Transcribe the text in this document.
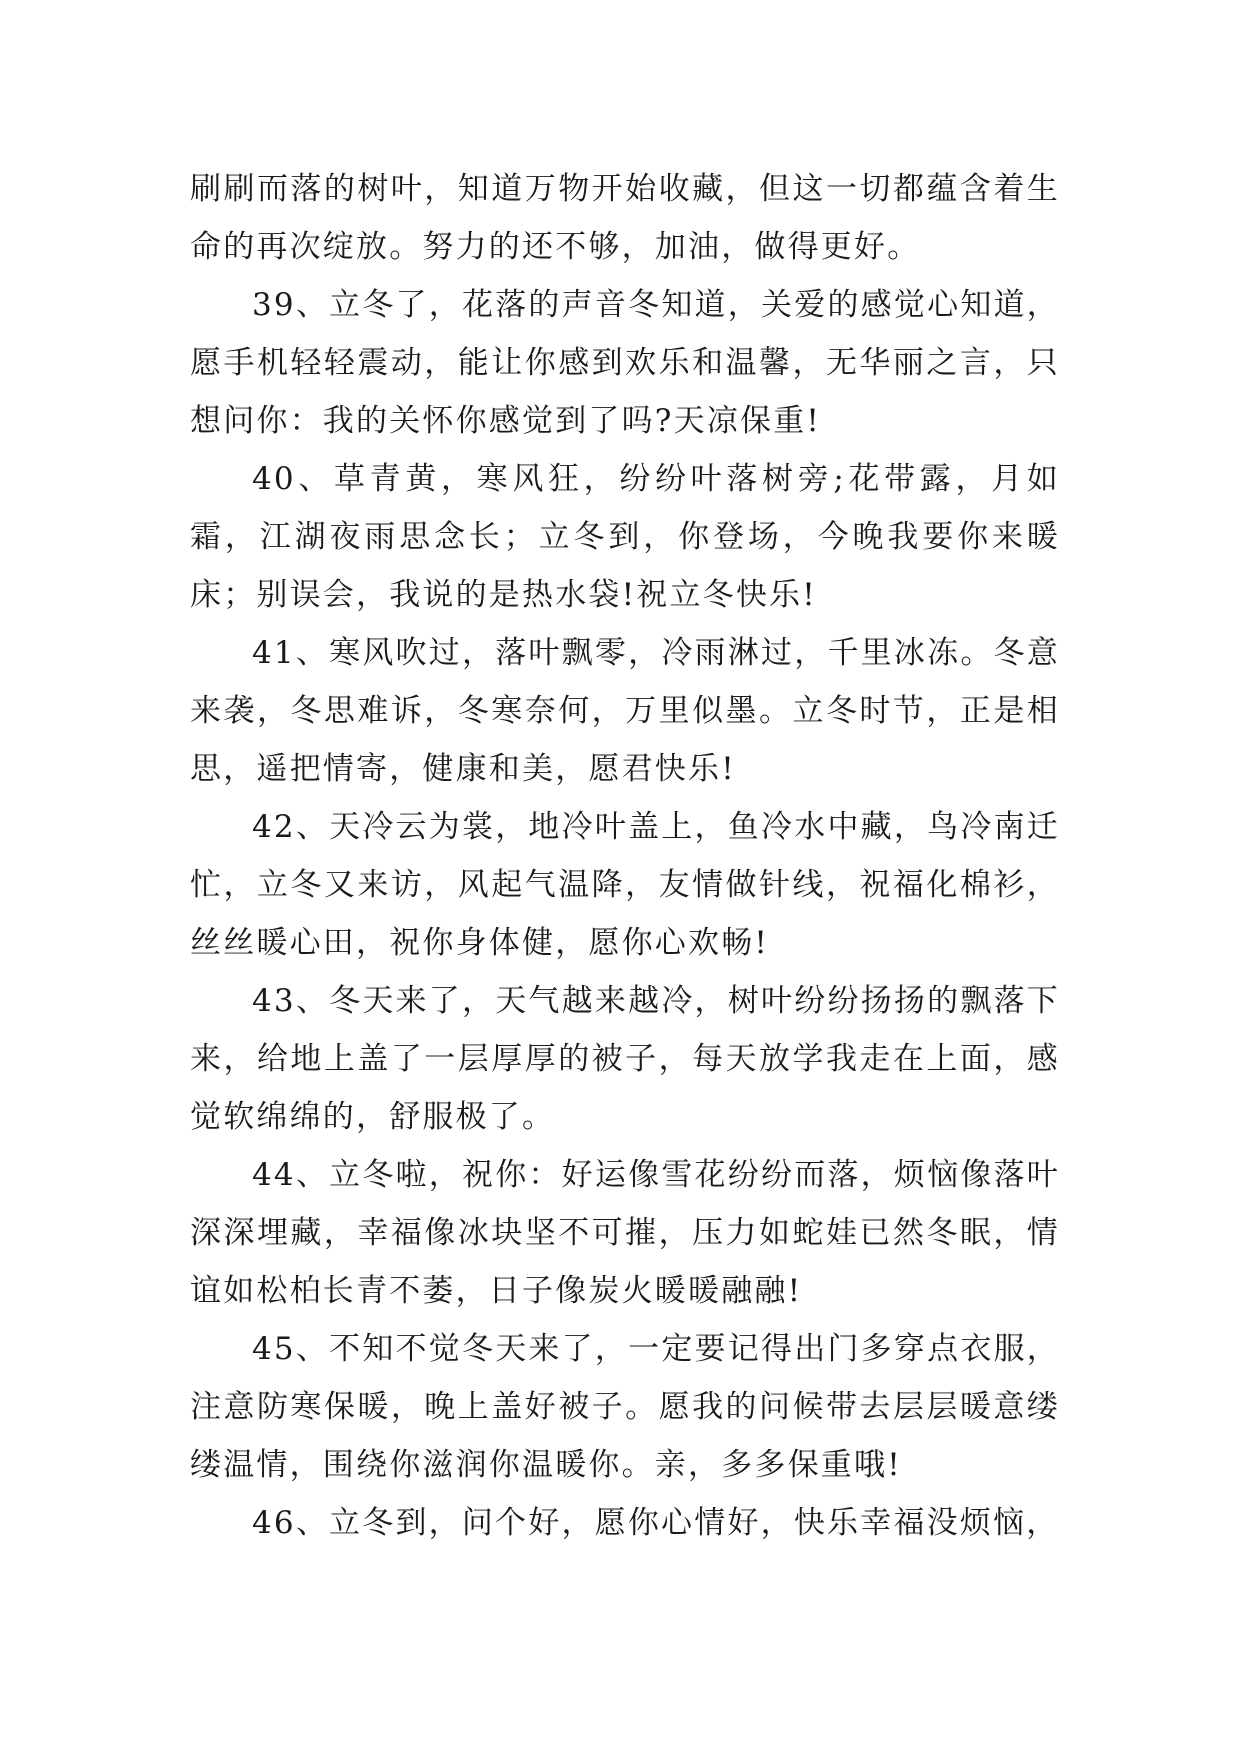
刷刷而落的树叶，知道万物开始收藏，但这一切都蕴含着生命的再次绽放。努力的还不够，加油，做得更好。

39、立冬了，花落的声音冬知道，关爱的感觉心知道，愿手机轻轻震动，能让你感到欢乐和温馨，无华丽之言，只想问你：我的关怀你感觉到了吗?天凉保重!

40、草青黄，寒风狂，纷纷叶落树旁;花带露，月如霜，江湖夜雨思念长；立冬到，你登场，今晚我要你来暖床；别误会，我说的是热水袋!祝立冬快乐!

41、寒风吹过，落叶飘零，冷雨淋过，千里冰冻。冬意来袭，冬思难诉，冬寒奈何，万里似墨。立冬时节，正是相思，遥把情寄，健康和美，愿君快乐!

42、天冷云为裳，地冷叶盖上，鱼冷水中藏，鸟冷南迁忙，立冬又来访，风起气温降，友情做针线，祝福化棉衫，丝丝暖心田，祝你身体健，愿你心欢畅!

43、冬天来了，天气越来越冷，树叶纷纷扬扬的飘落下来，给地上盖了一层厚厚的被子，每天放学我走在上面，感觉软绵绵的，舒服极了。

44、立冬啦，祝你：好运像雪花纷纷而落，烦恼像落叶深深埋藏，幸福像冰块坚不可摧，压力如蛇娃已然冬眠，情谊如松柏长青不萎，日子像炭火暖暖融融!

45、不知不觉冬天来了，一定要记得出门多穿点衣服，注意防寒保暖，晚上盖好被子。愿我的问候带去层层暖意缕缕温情，围绕你滋润你温暖你。亲，多多保重哦!

46、立冬到，问个好，愿你心情好，快乐幸福没烦恼，
